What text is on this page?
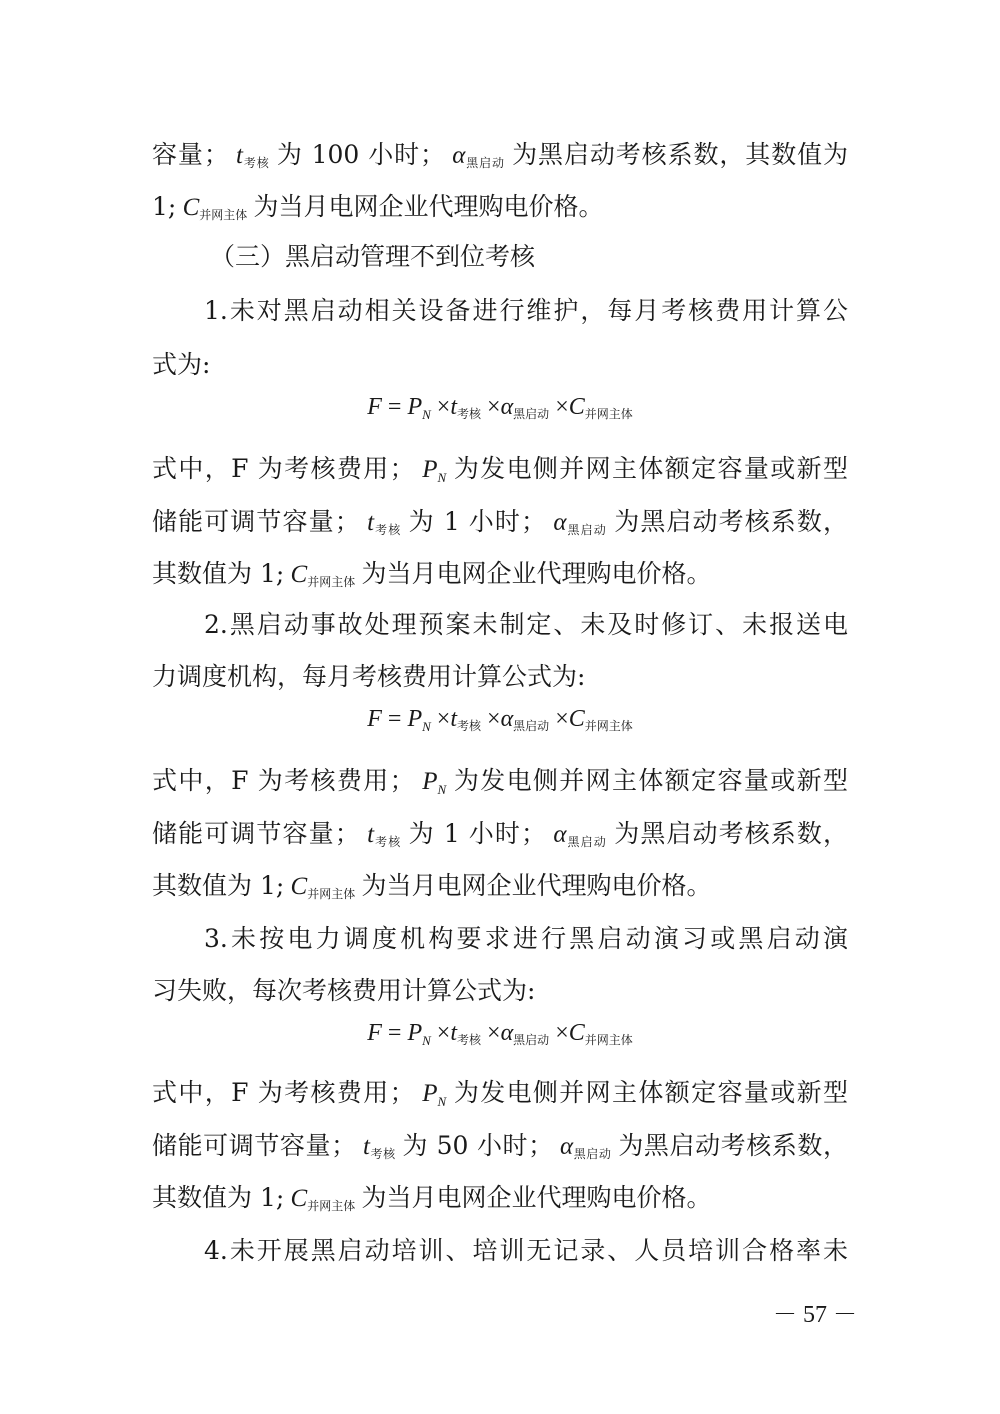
容量； $t_{考核}$ 为 100 小时； $\alpha_{黑启动}$ 为黑启动考核系数，其数值为
1; $C_{并网主体}$ 为当月电网企业代理购电价格。
（三）黑启动管理不到位考核
1.未对黑启动相关设备进行维护，每月考核费用计算公
式为:
$F = P_N \times t_{考核} \times\alpha_{黑启动} \times C_{并网主体}$
式中，F 为考核费用； $P_N$ 为发电侧并网主体额定容量或新型
储能可调节容量； $t_{考核}$ 为 1 小时； $\alpha_{黑启动}$ 为黑启动考核系数，
其数值为 1; $C_{并网主体}$ 为当月电网企业代理购电价格。
2.黑启动事故处理预案未制定、未及时修订、未报送电
力调度机构，每月考核费用计算公式为:
$F = P_N \times t_{考核} \times\alpha_{黑启动} \times C_{并网主体}$
式中，F 为考核费用； $P_N$ 为发电侧并网主体额定容量或新型
储能可调节容量； $t_{考核}$ 为 1 小时； $\alpha_{黑启动}$ 为黑启动考核系数，
其数值为 1; $C_{并网主体}$ 为当月电网企业代理购电价格。
3.未按电力调度机构要求进行黑启动演习或黑启动演
习失败，每次考核费用计算公式为:
$F = P_N \times t_{考核} \times\alpha_{黑启动} \times C_{并网主体}$
式中，F 为考核费用； $P_N$ 为发电侧并网主体额定容量或新型
储能可调节容量； $t_{考核}$ 为 50 小时； $\alpha_{黑启动}$ 为黑启动考核系数，
其数值为 1; $C_{并网主体}$ 为当月电网企业代理购电价格。
4.未开展黑启动培训、培训无记录、人员培训合格率未
－ 57 －
